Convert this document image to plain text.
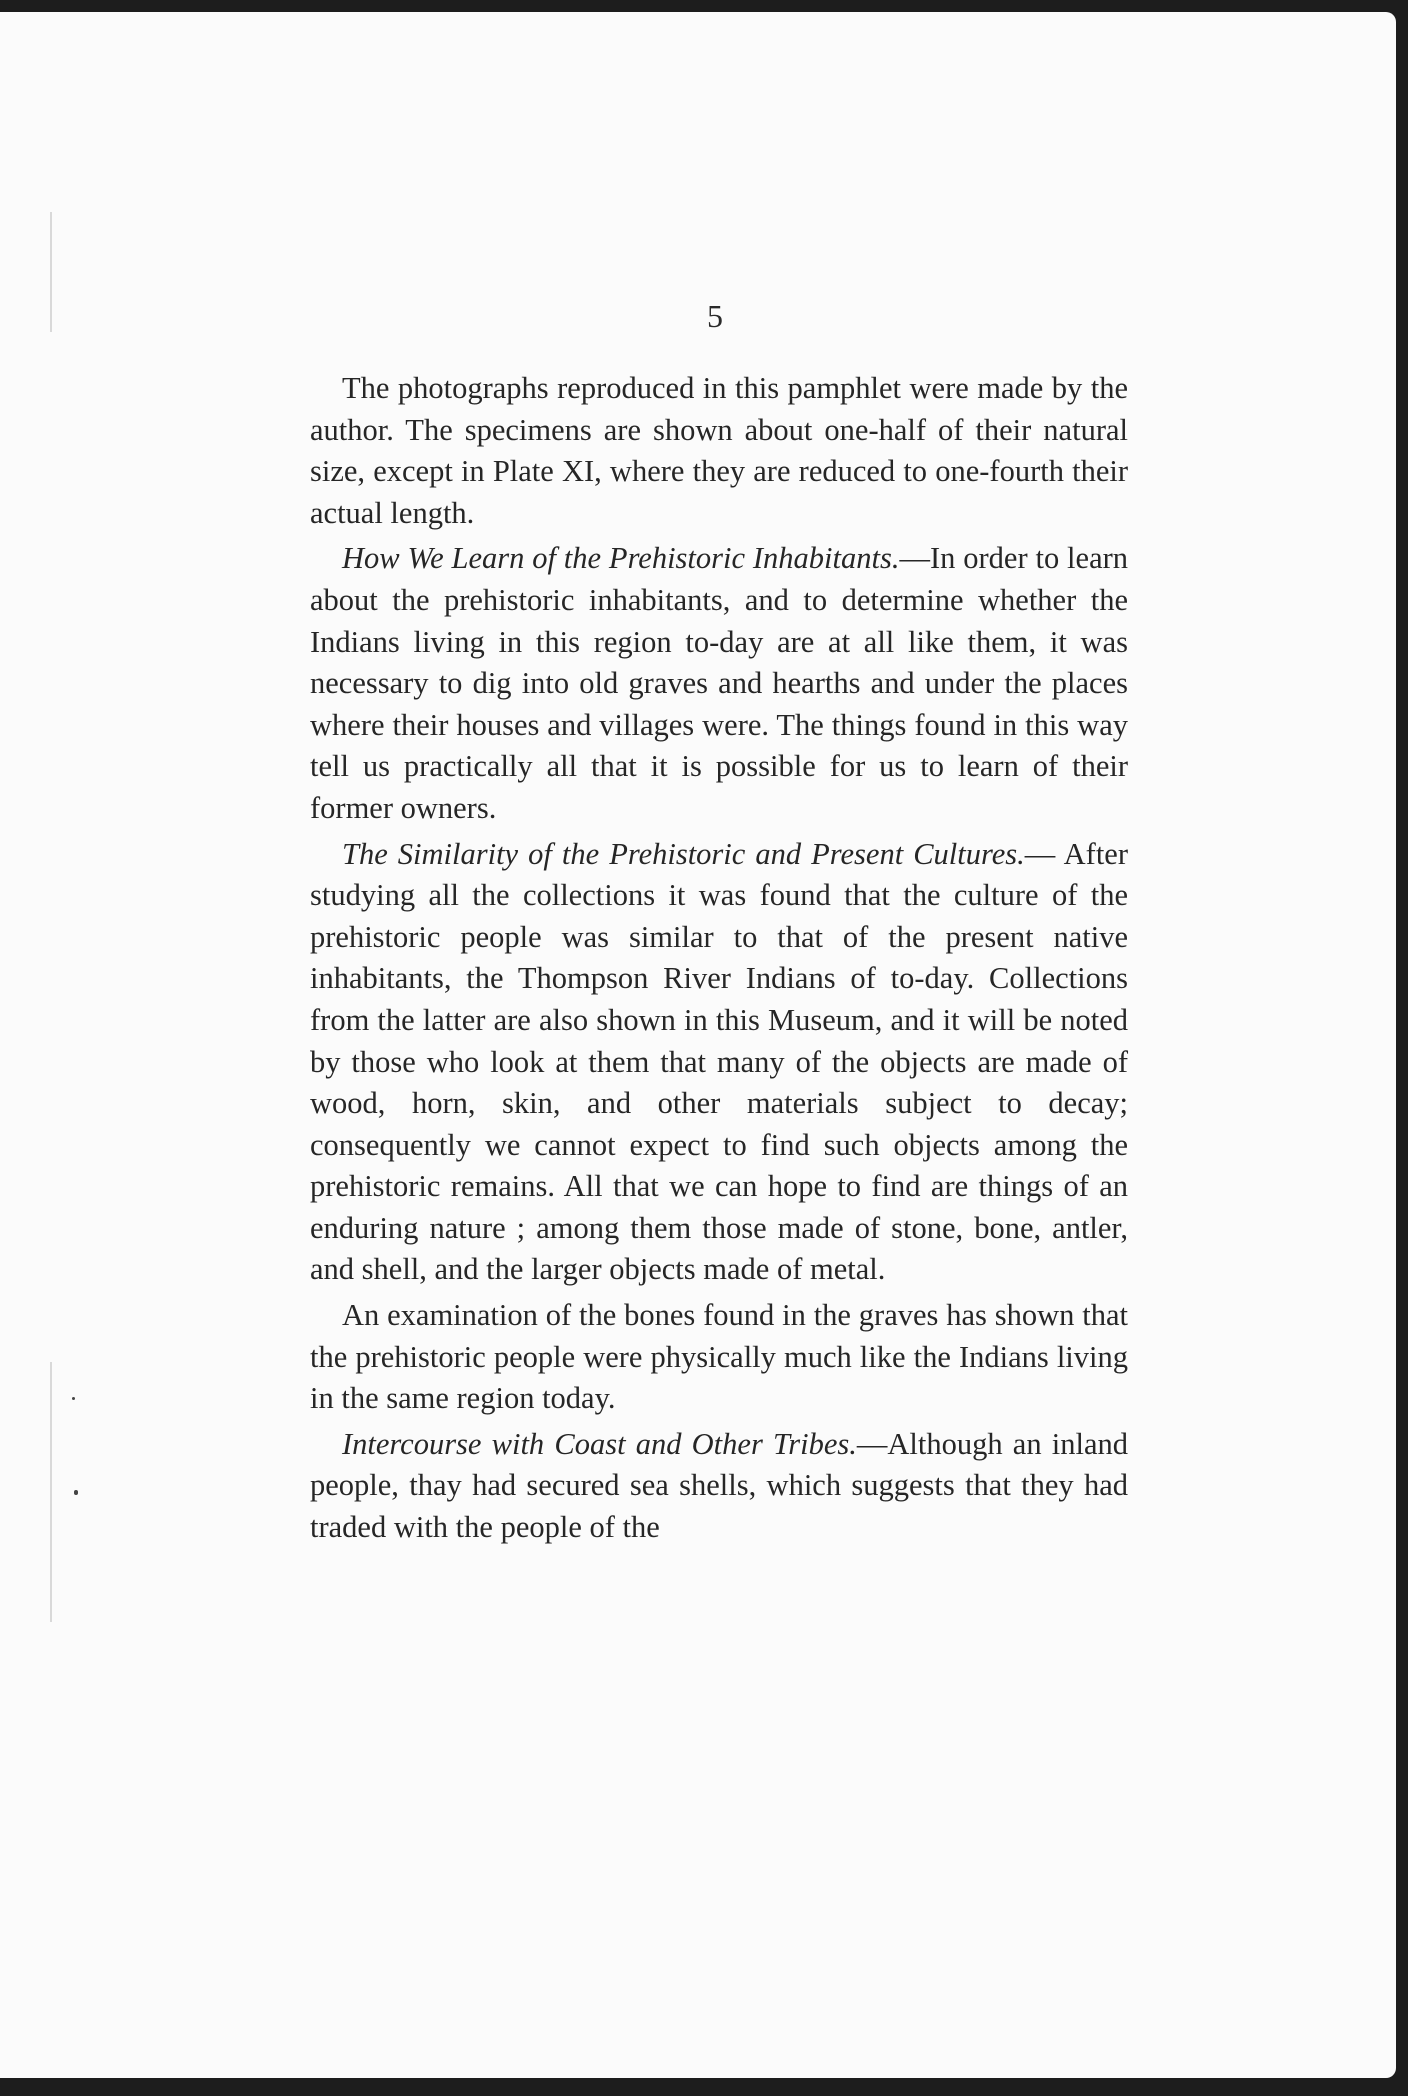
5

The photographs reproduced in this pamphlet were made by the author. The specimens are shown about one-half of their natural size, except in Plate XI, where they are reduced to one-fourth their actual length.

How We Learn of the Prehistoric Inhabitants.—In order to learn about the prehistoric inhabitants, and to determine whether the Indians living in this region to-day are at all like them, it was necessary to dig into old graves and hearths and under the places where their houses and villages were. The things found in this way tell us practically all that it is possible for us to learn of their former owners.

The Similarity of the Prehistoric and Present Cultures.— After studying all the collections it was found that the culture of the prehistoric people was similar to that of the present native inhabitants, the Thompson River Indians of to-day. Collections from the latter are also shown in this Museum, and it will be noted by those who look at them that many of the objects are made of wood, horn, skin, and other materials subject to decay; consequently we cannot expect to find such objects among the prehistoric remains. All that we can hope to find are things of an enduring nature ; among them those made of stone, bone, antler, and shell, and the larger objects made of metal.

An examination of the bones found in the graves has shown that the prehistoric people were physically much like the Indians living in the same region today.

Intercourse with Coast and Other Tribes.—Although an inland people, thay had secured sea shells, which suggests that they had traded with the people of the
